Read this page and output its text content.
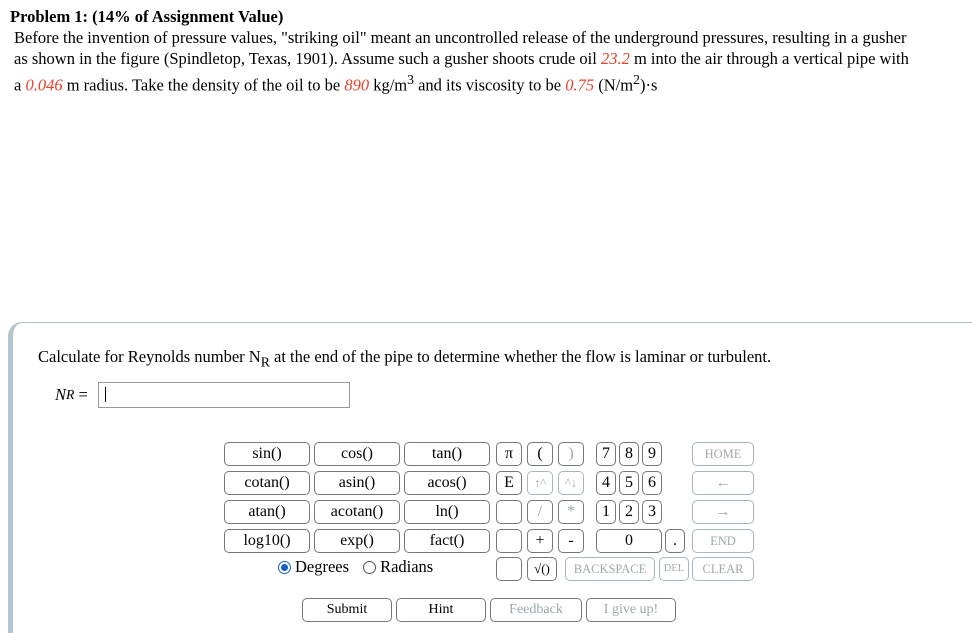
Problem 1: (14% of Assignment Value)
Before the invention of pressure values, "striking oil" meant an uncontrolled release of the underground pressures, resulting in a gusher
as shown in the figure (Spindletop, Texas, 1901). Assume such a gusher shoots crude oil 23.2 m into the air through a vertical pipe with
a 0.046 m radius. Take the density of the oil to be 890 $kg/m^3$ and its viscosity to be 0.75 $(N/m^2)\cdot s$
Calculate for Reynolds number $N_R$ at the end of the pipe to determine whether the flow is laminar or turbulent.
N R =
sin()	cos()	tan()
cotan()	asin()	acos()
atan()	acotan()	ln()
log10()	exp()	fact()
π	(	)
E	↑^	^↓
/	*
+	-
√()
7 8 9
4 5 6
1 2 3
0	.
HOME
←
→
END
BACKSPACE	DEL	CLEAR
Degrees Radians
Submit	Hint	Feedback	I give up!
